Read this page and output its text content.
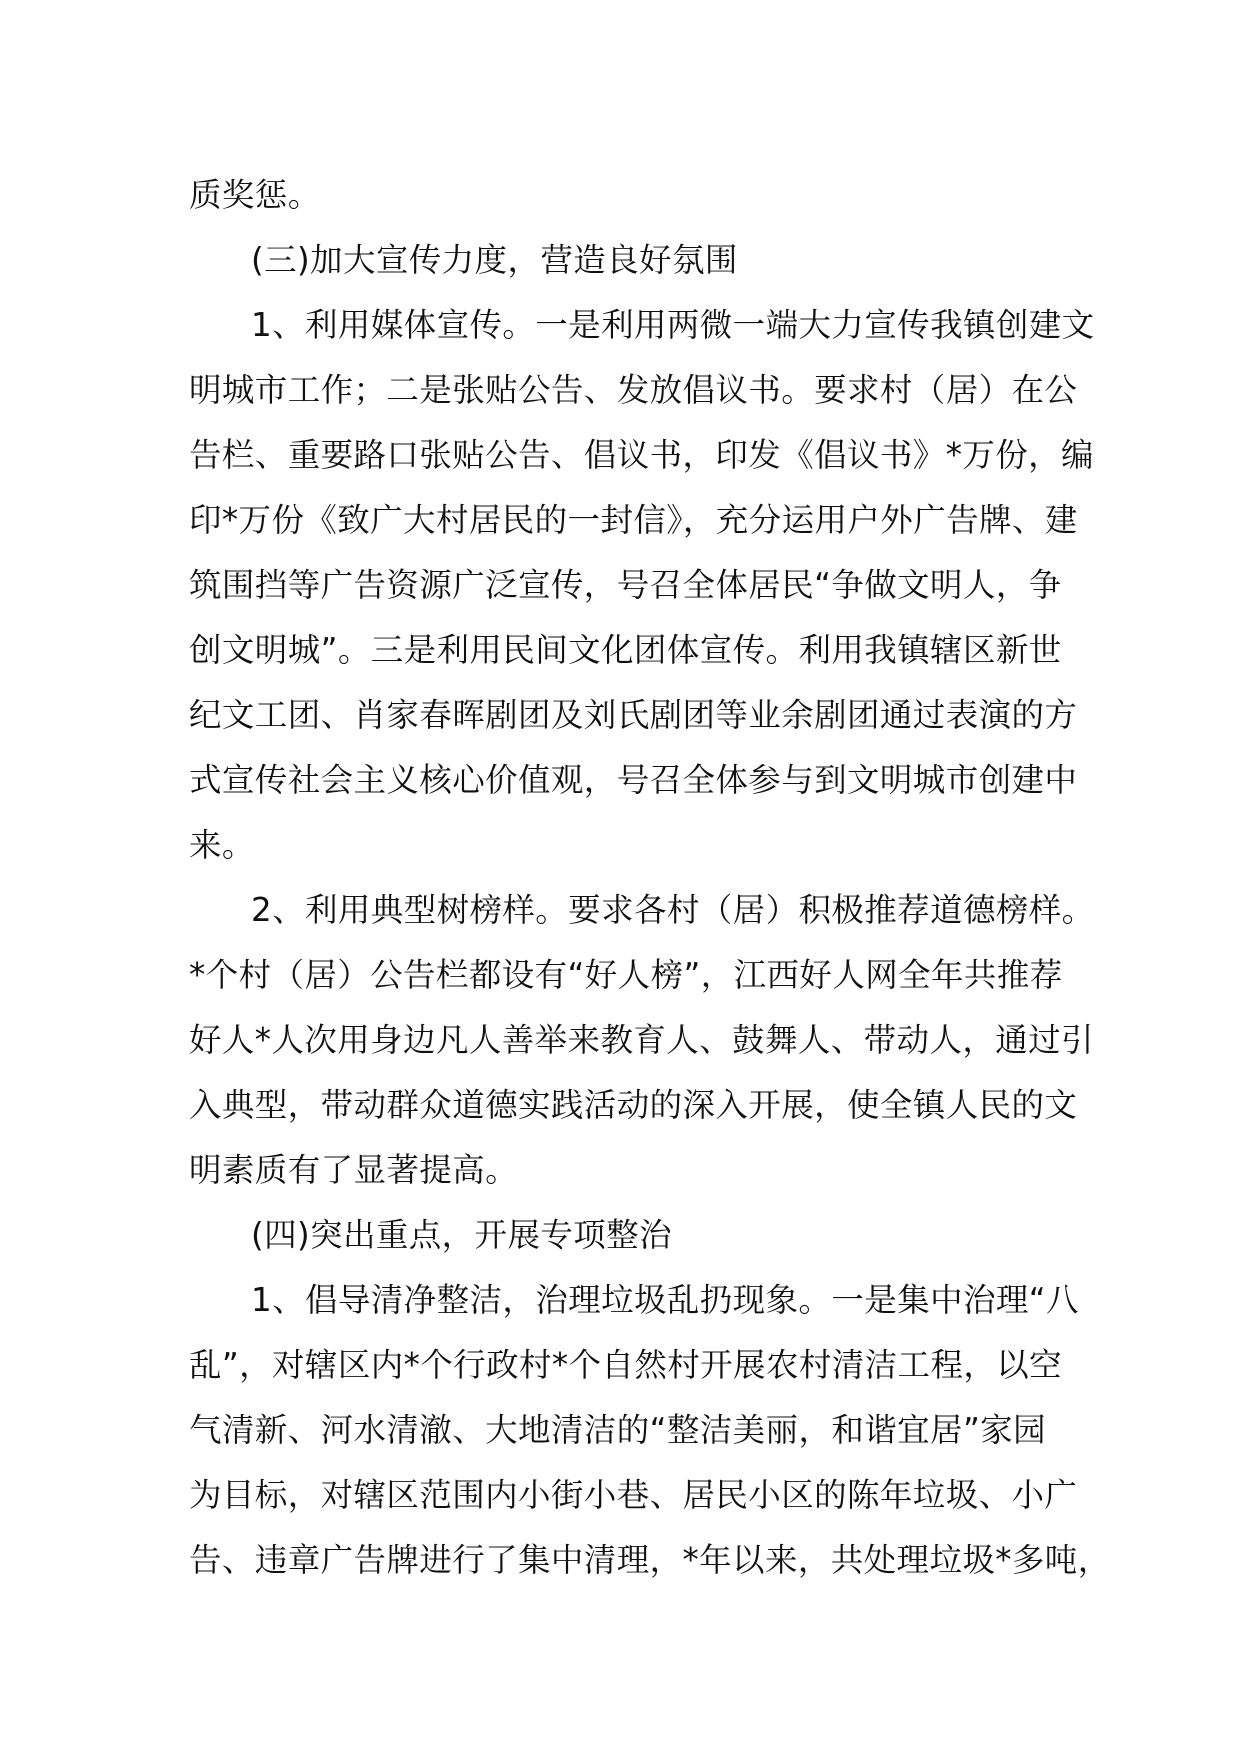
质奖惩。
(三)加大宣传力度，营造良好氛围
1、利用媒体宣传。一是利用两微一端大力宣传我镇创建文
明城市工作；二是张贴公告、发放倡议书。要求村（居）在公
告栏、重要路口张贴公告、倡议书，印发《倡议书》*万份，编
印*万份《致广大村居民的一封信》，充分运用户外广告牌、建
筑围挡等广告资源广泛宣传，号召全体居民“争做文明人，争
创文明城”。三是利用民间文化团体宣传。利用我镇辖区新世
纪文工团、肖家春晖剧团及刘氏剧团等业余剧团通过表演的方
式宣传社会主义核心价值观，号召全体参与到文明城市创建中
来。
2、利用典型树榜样。要求各村（居）积极推荐道德榜样。
*个村（居）公告栏都设有“好人榜”，江西好人网全年共推荐
好人*人次用身边凡人善举来教育人、鼓舞人、带动人，通过引
入典型，带动群众道德实践活动的深入开展，使全镇人民的文
明素质有了显著提高。
(四)突出重点，开展专项整治
1、倡导清净整洁，治理垃圾乱扔现象。一是集中治理“八
乱”，对辖区内*个行政村*个自然村开展农村清洁工程，以空
气清新、河水清澈、大地清洁的“整洁美丽，和谐宜居”家园
为目标，对辖区范围内小街小巷、居民小区的陈年垃圾、小广
告、违章广告牌进行了集中清理，*年以来，共处理垃圾*多吨，
